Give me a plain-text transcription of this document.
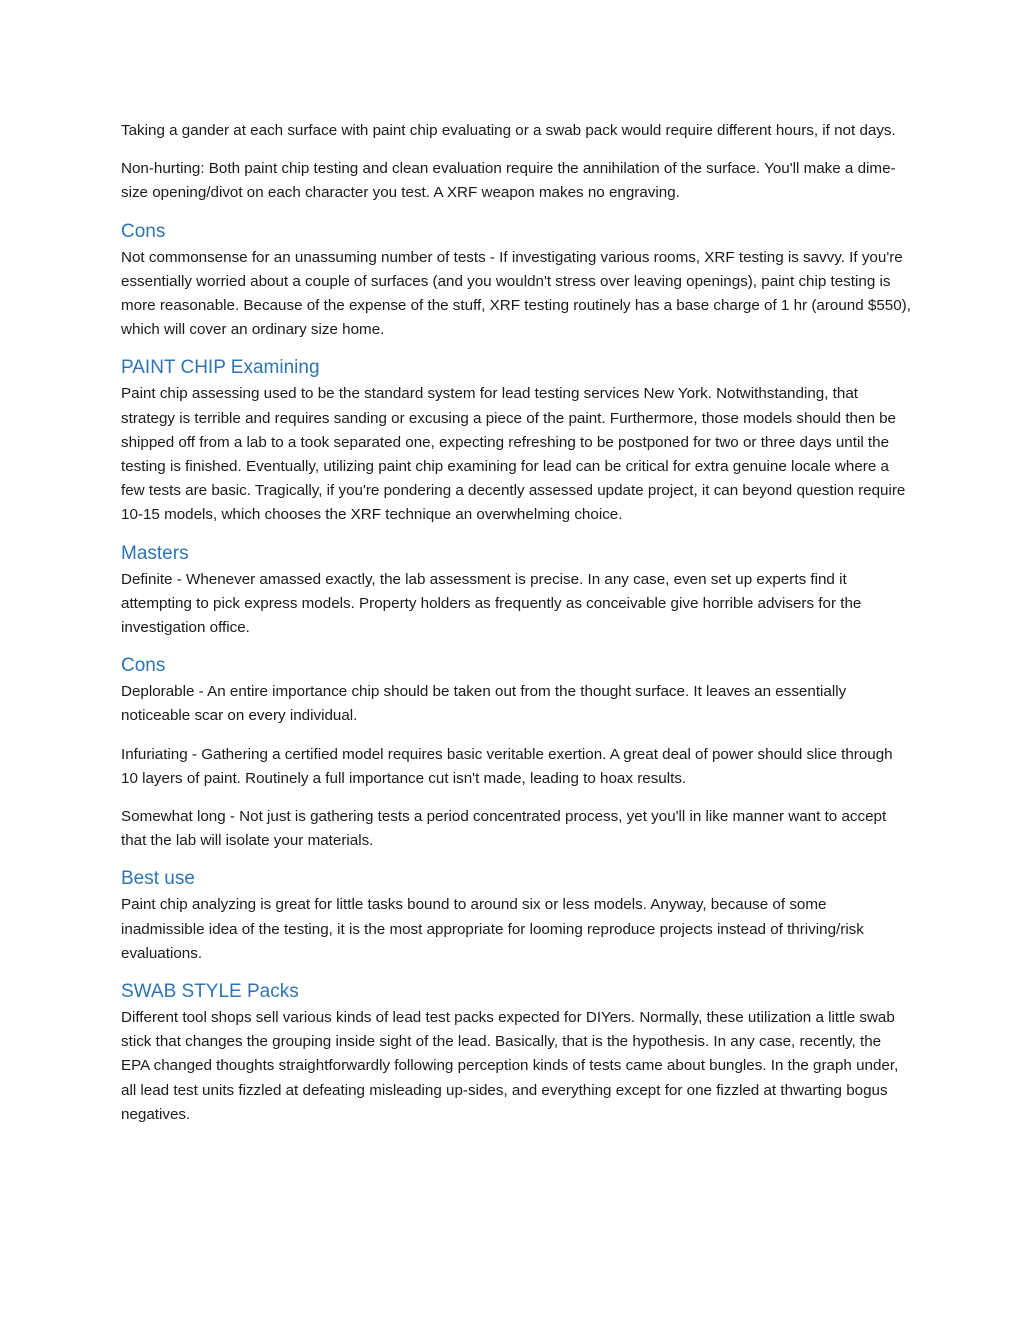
Taking a gander at each surface with paint chip evaluating or a swab pack would require different hours, if not days.

Non-hurting: Both paint chip testing and clean evaluation require the annihilation of the surface. You'll make a dime-size opening/divot on each character you test. A XRF weapon makes no engraving.

Cons

Not commonsense for an unassuming number of tests - If investigating various rooms, XRF testing is savvy. If you're essentially worried about a couple of surfaces (and you wouldn't stress over leaving openings), paint chip testing is more reasonable. Because of the expense of the stuff, XRF testing routinely has a base charge of 1 hr (around $550), which will cover an ordinary size home.

PAINT CHIP Examining

Paint chip assessing used to be the standard system for lead testing services New York. Notwithstanding, that strategy is terrible and requires sanding or excusing a piece of the paint. Furthermore, those models should then be shipped off from a lab to a took separated one, expecting refreshing to be postponed for two or three days until the testing is finished. Eventually, utilizing paint chip examining for lead can be critical for extra genuine locale where a few tests are basic. Tragically, if you're pondering a decently assessed update project, it can beyond question require 10-15 models, which chooses the XRF technique an overwhelming choice.

Masters

Definite - Whenever amassed exactly, the lab assessment is precise. In any case, even set up experts find it attempting to pick express models. Property holders as frequently as conceivable give horrible advisers for the investigation office.

Cons

Deplorable - An entire importance chip should be taken out from the thought surface. It leaves an essentially noticeable scar on every individual.

Infuriating - Gathering a certified model requires basic veritable exertion. A great deal of power should slice through 10 layers of paint. Routinely a full importance cut isn't made, leading to hoax results.

Somewhat long - Not just is gathering tests a period concentrated process, yet you'll in like manner want to accept that the lab will isolate your materials.

Best use

Paint chip analyzing is great for little tasks bound to around six or less models. Anyway, because of some inadmissible idea of the testing, it is the most appropriate for looming reproduce projects instead of thriving/risk evaluations.

SWAB STYLE Packs

Different tool shops sell various kinds of lead test packs expected for DIYers. Normally, these utilization a little swab stick that changes the grouping inside sight of the lead. Basically, that is the hypothesis. In any case, recently, the EPA changed thoughts straightforwardly following perception kinds of tests came about bungles. In the graph under, all lead test units fizzled at defeating misleading up-sides, and everything except for one fizzled at thwarting bogus negatives.
